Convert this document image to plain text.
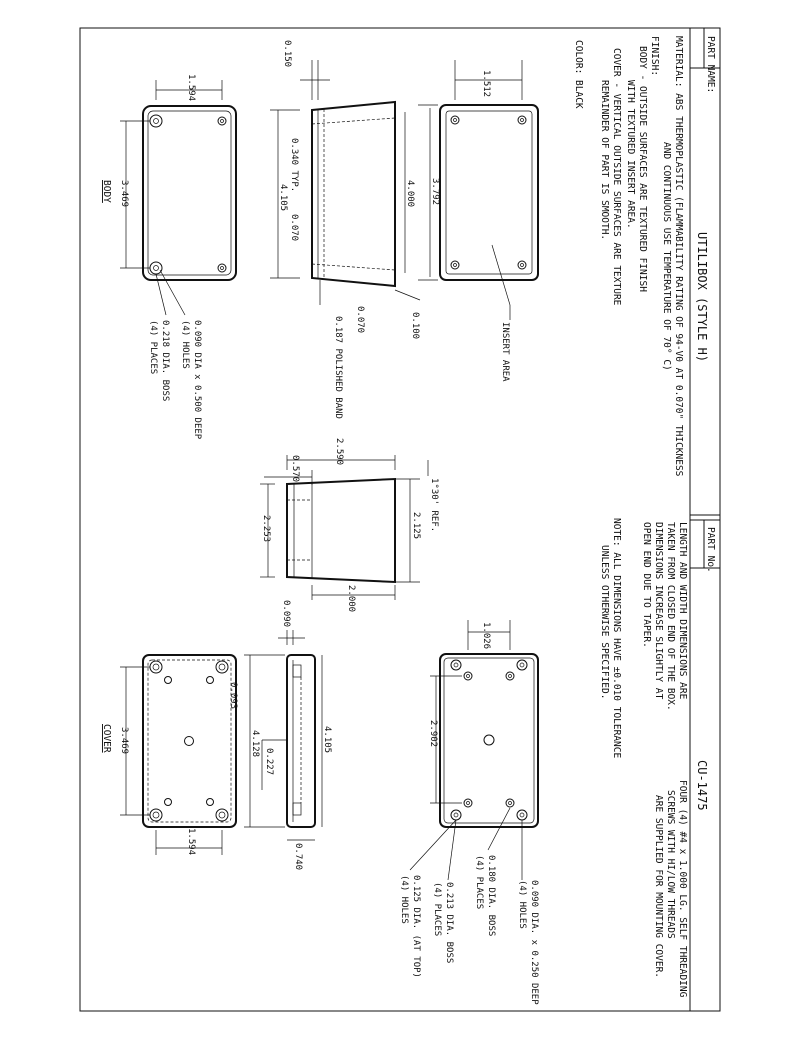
PART NAME:
UTILIBOX (STYLE H)
PART No.
CU-1475
MATERIAL: ABS THERMOPLASTIC (FLAMMABILITY RATING OF 94-V0 AT 0.070" THICKNESS
AND CONTINUOUS USE TEMPERATURE OF 70° C)
FINISH:
BODY - OUTSIDE SURFACES ARE TEXTURED FINISH
WITH TEXTURED INSERT AREA.
COVER - VERTICAL OUTSIDE SURFACES ARE TEXTURE
REMAINDER OF PART IS SMOOTH.
COLOR: BLACK
LENGTH AND WIDTH DIMENSIONS ARE
TAKEN FROM CLOSED END OF THE BOX.
DIMENSIONS INCREASE SLIGHTLY AT
OPEN END DUE TO TAPER.
NOTE: ALL DIMENSIONS HAVE ±0.010 TOLERANCE
UNLESS OTHERWISE SPECIFIED.
FOUR (4) #4 x 1.000 LG. SELF THREADING
SCREWS WITH HI/LOW THREADS
ARE SUPPLIED FOR MOUNTING COVER.
1.512
4.000 3.792
0.100	INSERT AREA
0.150
0.340 TYP.
4.105
0.070
0.070
0.187 POLISHED BAND
1.594
3.469
BODY
0.090 DIA x 0.500 DEEP
(4) HOLES
0.218 DIA. BOSS
(4) PLACES
2.590
0.570
2.253	2.125 1°30' REF.
2.000
1.026
2.902
0.090 DIA. x 0.250 DEEP
(4) HOLES
0.180 DIA. BOSS
(4) PLACES
0.213 DIA. BOSS
(4) PLACES
0.125 DIA. (AT TOP)
(4) HOLES
0.090
0.093
4.128
0.227
4.105
0.740
3.469
COVER
1.594
